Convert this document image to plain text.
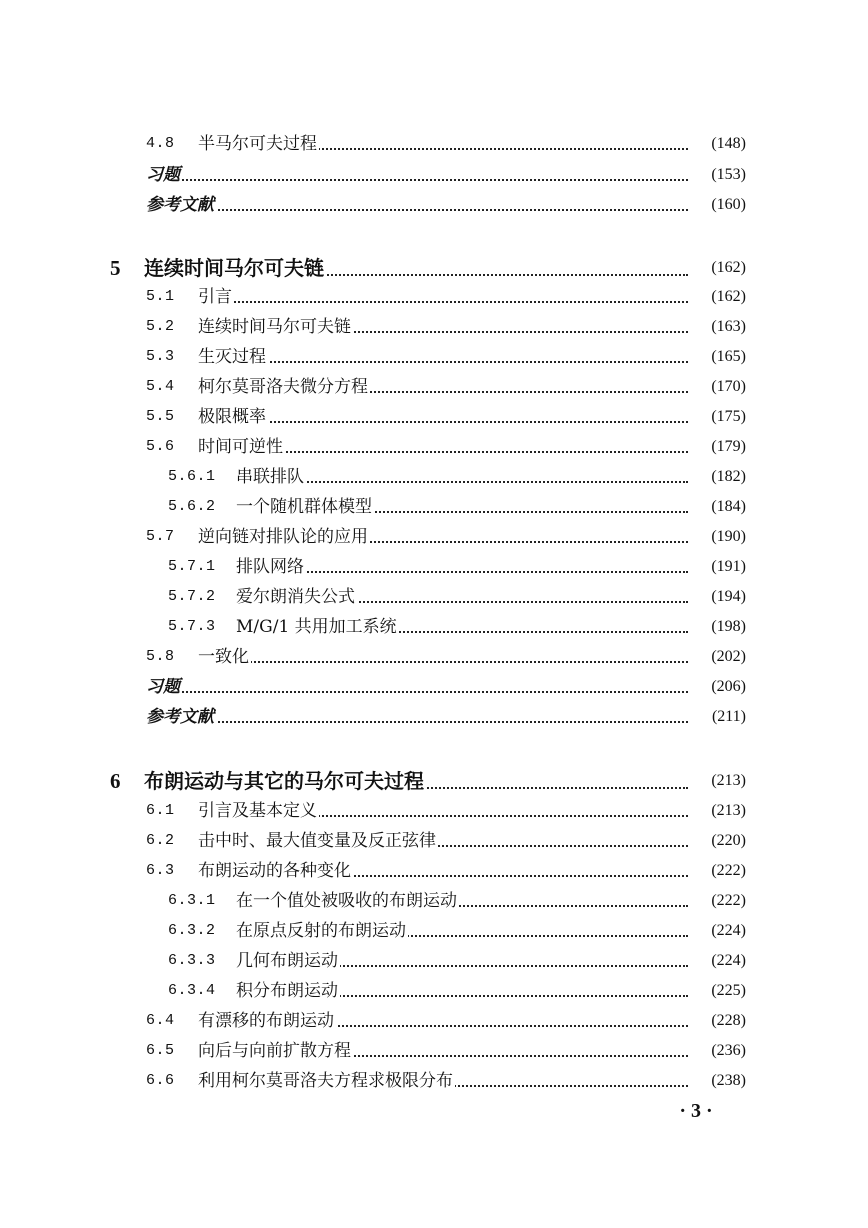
4.8 半马尔可夫过程	(148)
习题	(153)
参考文献	(160)
5 连续时间马尔可夫链	(162)
5.1 引言	(162)
5.2 连续时间马尔可夫链	(163)
5.3 生灭过程	(165)
5.4 柯尔莫哥洛夫微分方程	(170)
5.5 极限概率	(175)
5.6 时间可逆性	(179)
5.6.1 串联排队	(182)
5.6.2 一个随机群体模型	(184)
5.7 逆向链对排队论的应用	(190)
5.7.1 排队网络	(191)
5.7.2 爱尔朗消失公式	(194)
5.7.3 M/G/1 共用加工系统	(198)
5.8 一致化	(202)
习题	(206)
参考文献	(211)
6 布朗运动与其它的马尔可夫过程	(213)
6.1 引言及基本定义	(213)
6.2 击中时、最大值变量及反正弦律	(220)
6.3 布朗运动的各种变化	(222)
6.3.1 在一个值处被吸收的布朗运动	(222)
6.3.2 在原点反射的布朗运动	(224)
6.3.3 几何布朗运动	(224)
6.3.4 积分布朗运动	(225)
6.4 有漂移的布朗运动	(228)
6.5 向后与向前扩散方程	(236)
6.6 利用柯尔莫哥洛夫方程求极限分布	(238)
· 3 ·
